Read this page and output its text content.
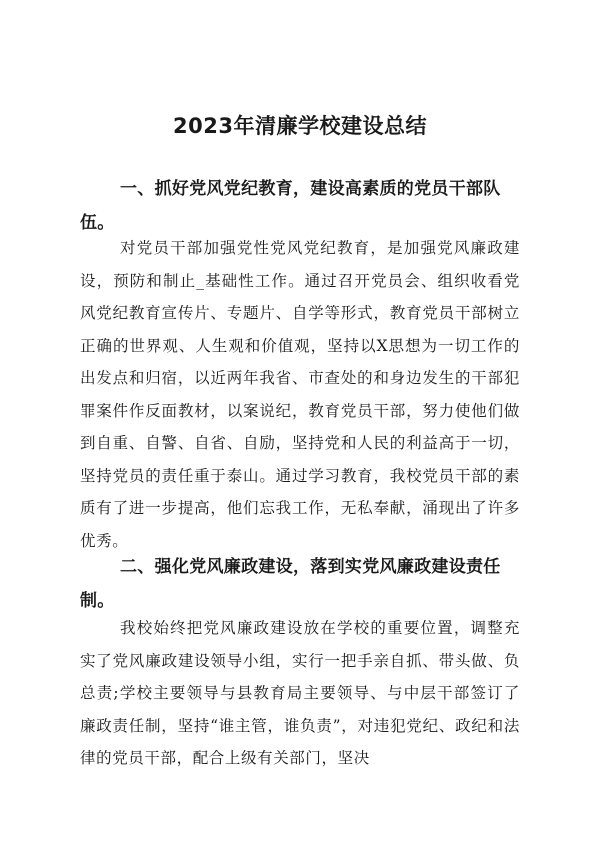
2023年清廉学校建设总结

一、抓好党风党纪教育，建设高素质的党员干部队伍。

对党员干部加强党性党风党纪教育，是加强党风廉政建设，预防和制止_基础性工作。通过召开党员会、组织收看党风党纪教育宣传片、专题片、自学等形式，教育党员干部树立正确的世界观、人生观和价值观，坚持以X思想为一切工作的出发点和归宿，以近两年我省、市查处的和身边发生的干部犯罪案件作反面教材，以案说纪，教育党员干部，努力使他们做到自重、自警、自省、自励，坚持党和人民的利益高于一切，坚持党员的责任重于泰山。通过学习教育，我校党员干部的素质有了进一步提高，他们忘我工作，无私奉献，涌现出了许多优秀。

二、强化党风廉政建设，落到实党风廉政建设责任制。

我校始终把党风廉政建设放在学校的重要位置，调整充实了党风廉政建设领导小组，实行一把手亲自抓、带头做、负总责;学校主要领导与县教育局主要领导、与中层干部签订了廉政责任制，坚持“谁主管，谁负责”，对违犯党纪、政纪和法律的党员干部，配合上级有关部门，坚决
